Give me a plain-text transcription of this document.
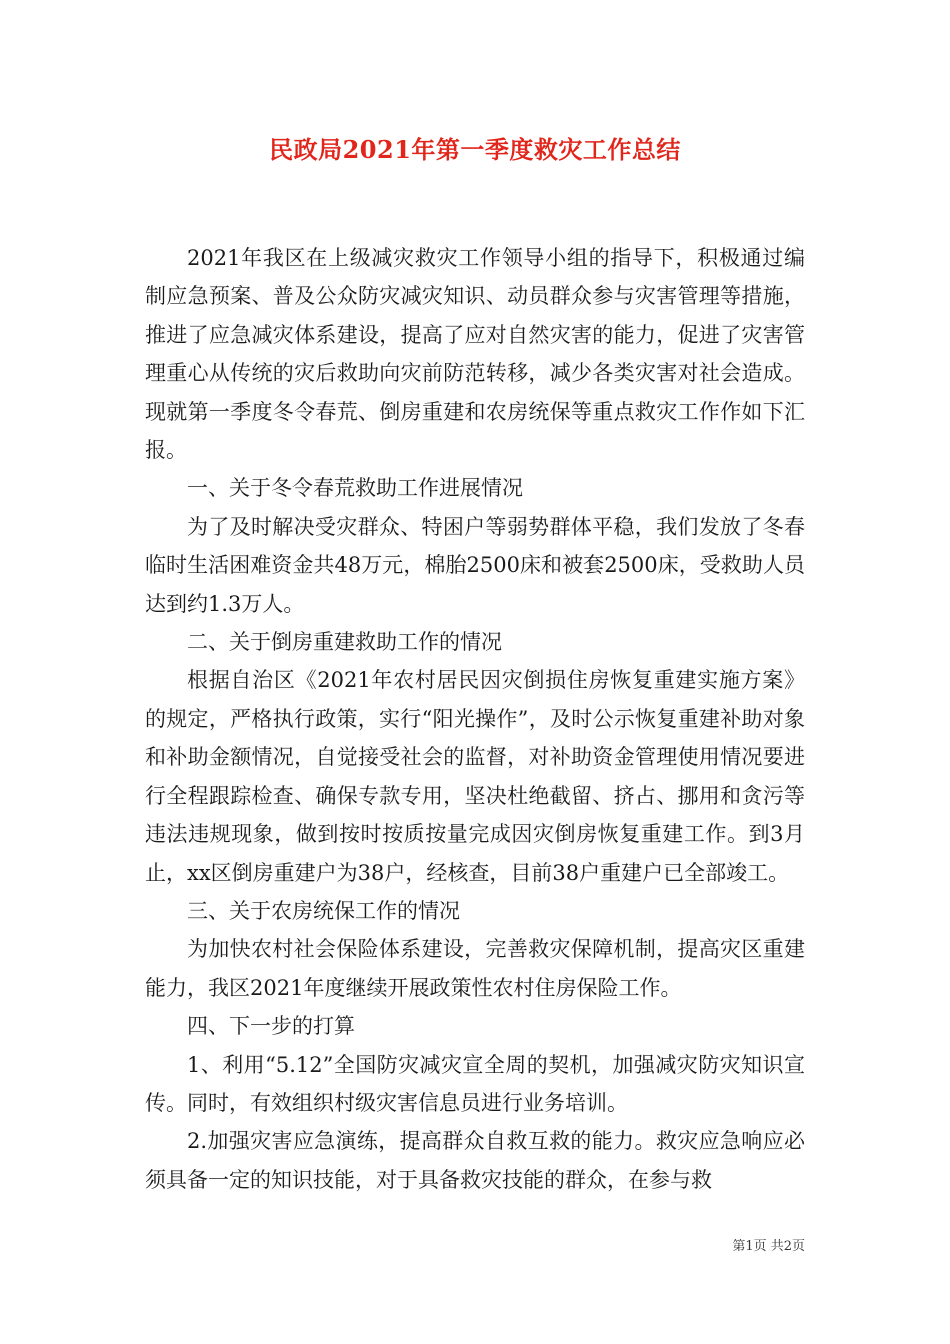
民政局2021年第一季度救灾工作总结

2021年我区在上级减灾救灾工作领导小组的指导下，积极通过编制应急预案、普及公众防灾减灾知识、动员群众参与灾害管理等措施，推进了应急减灾体系建设，提高了应对自然灾害的能力，促进了灾害管理重心从传统的灾后救助向灾前防范转移，减少各类灾害对社会造成。现就第一季度冬令春荒、倒房重建和农房统保等重点救灾工作作如下汇报。

一、关于冬令春荒救助工作进展情况

为了及时解决受灾群众、特困户等弱势群体平稳，我们发放了冬春临时生活困难资金共48万元，棉胎2500床和被套2500床，受救助人员达到约1.3万人。

二、关于倒房重建救助工作的情况

根据自治区《2021年农村居民因灾倒损住房恢复重建实施方案》的规定，严格执行政策，实行“阳光操作”，及时公示恢复重建补助对象和补助金额情况，自觉接受社会的监督，对补助资金管理使用情况要进行全程跟踪检查、确保专款专用，坚决杜绝截留、挤占、挪用和贪污等违法违规现象，做到按时按质按量完成因灾倒房恢复重建工作。到3月止，xx区倒房重建户为38户，经核查，目前38户重建户已全部竣工。

三、关于农房统保工作的情况

为加快农村社会保险体系建设，完善救灾保障机制，提高灾区重建能力，我区2021年度继续开展政策性农村住房保险工作。

四、下一步的打算

1、利用“5.12”全国防灾减灾宣全周的契机，加强减灾防灾知识宣传。同时，有效组织村级灾害信息员进行业务培训。

2.加强灾害应急演练，提高群众自救互救的能力。救灾应急响应必须具备一定的知识技能，对于具备救灾技能的群众，在参与救

第1页 共2页
